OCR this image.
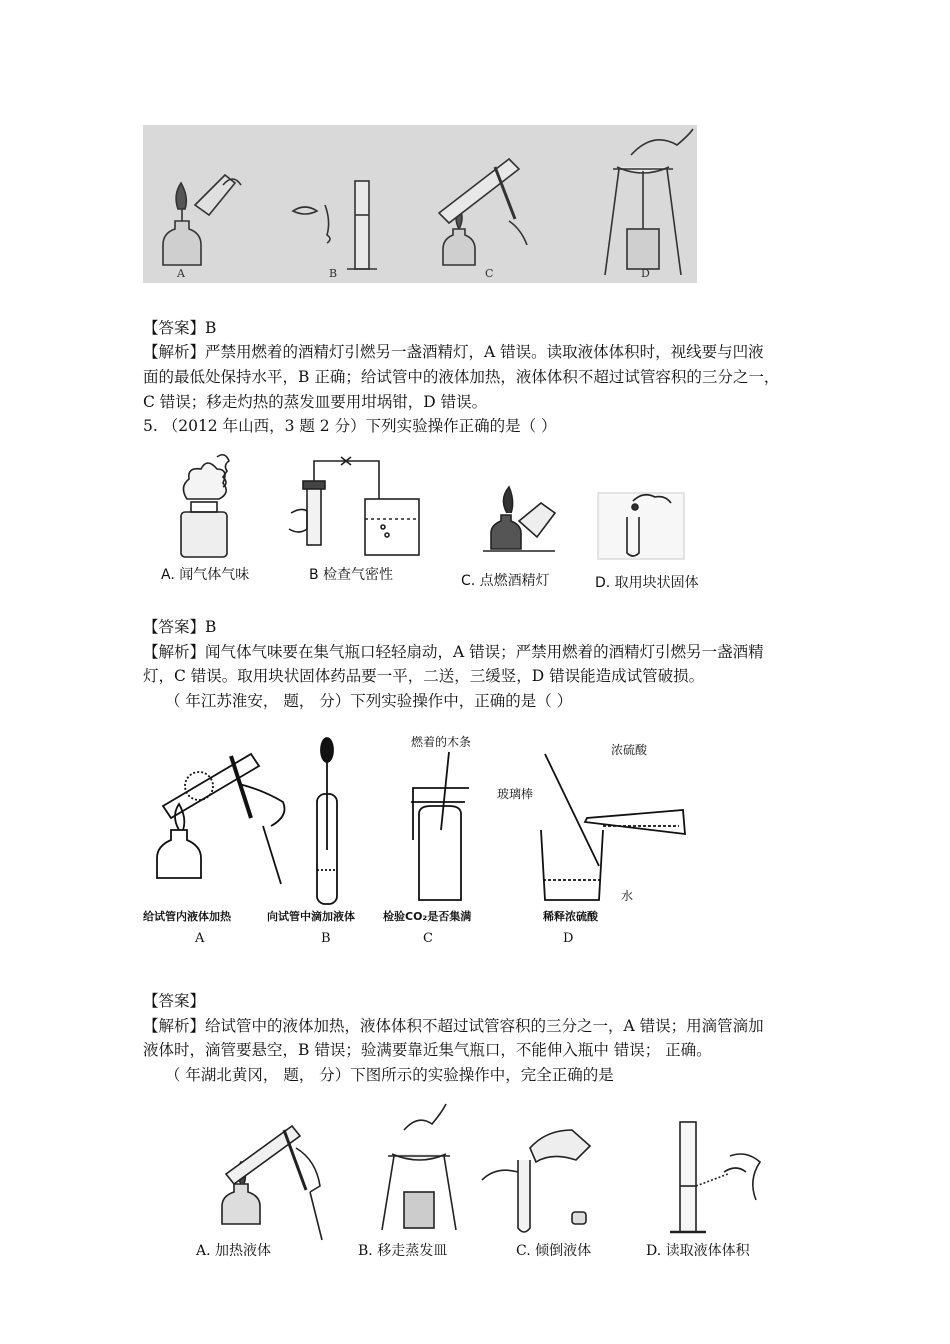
A	B	C	D
【答案】B
【解析】严禁用燃着的酒精灯引燃另一盏酒精灯，A 错误。读取液体体积时，视线要与凹液
面的最低处保持水平，B 正确；给试管中的液体加热，液体体积不超过试管容积的三分之一，
C 错误；移走灼热的蒸发皿要用坩埚钳，D 错误。
5. （2012 年山西，3 题 2 分）下列实验操作正确的是（ ）
A. 闻气体气味	B 检查气密性	C. 点燃酒精灯	D. 取用块状固体
【答案】B
【解析】闻气体气味要在集气瓶口轻轻扇动，A 错误；严禁用燃着的酒精灯引燃另一盏酒精
灯，C 错误。取用块状固体药品要一平，二送，三缓竖，D 错误能造成试管破损。
（ 年江苏淮安， 题， 分）下列实验操作中，正确的是（ ）
燃着的木条
浓硫酸
玻璃棒
水
给试管内液体加热	向试管中滴加液体	检验CO₂是否集满	稀释浓硫酸
A	B	C	D
【答案】
【解析】给试管中的液体加热，液体体积不超过试管容积的三分之一，A 错误；用滴管滴加
液体时，滴管要悬空，B 错误；验满要靠近集气瓶口，不能伸入瓶中 错误； 正确。
（ 年湖北黄冈， 题， 分）下图所示的实验操作中，完全正确的是
A. 加热液体	B. 移走蒸发皿	C. 倾倒液体	D. 读取液体体积
